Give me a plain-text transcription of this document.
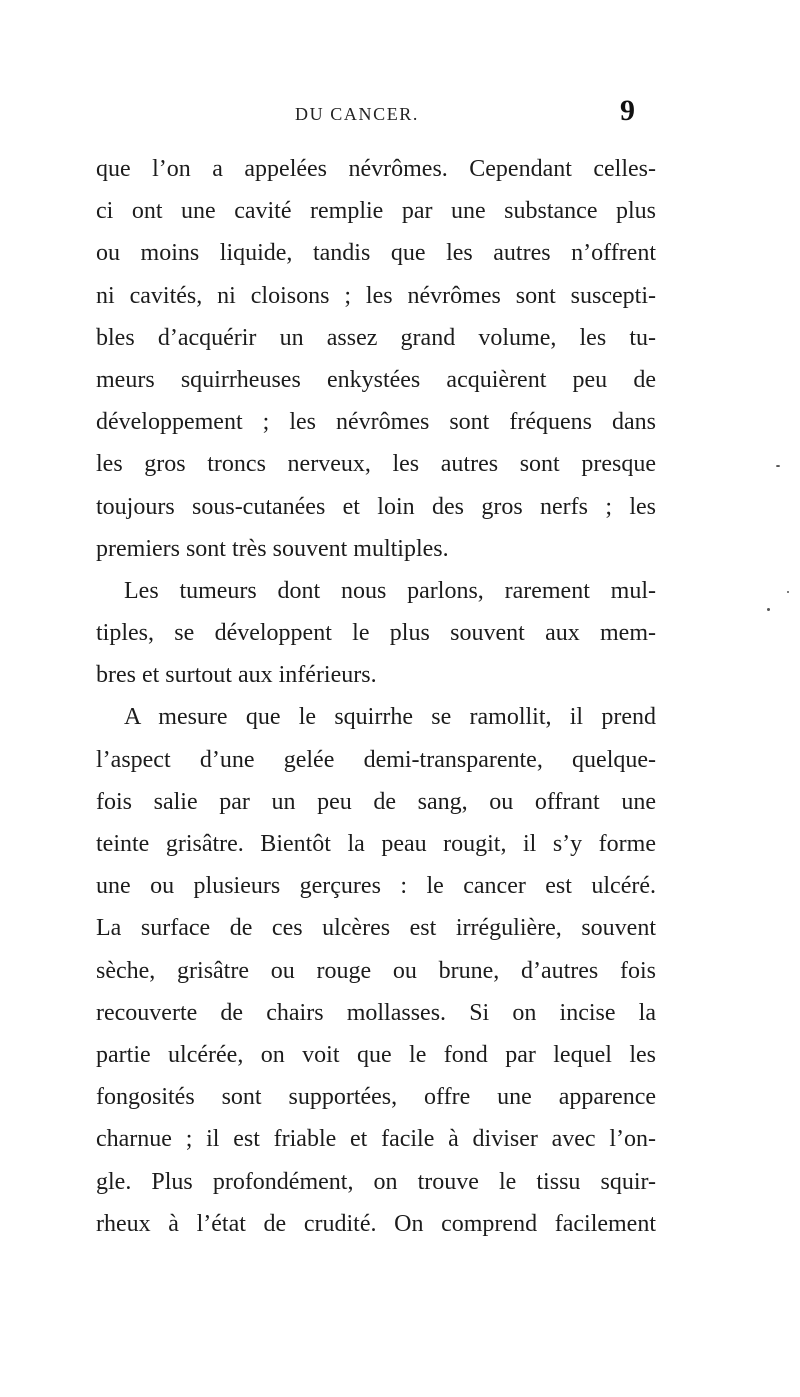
DU CANCER.	9
que l’on a appelées névrômes. Cependant celles-
ci ont une cavité remplie par une substance plus
ou moins liquide, tandis que les autres n’offrent
ni cavités, ni cloisons ; les névrômes sont suscepti-
bles d’acquérir un assez grand volume, les tu-
meurs squirrheuses enkystées acquièrent peu de
développement ; les névrômes sont fréquens dans
les gros troncs nerveux, les autres sont presque
toujours sous-cutanées et loin des gros nerfs ; les
premiers sont très souvent multiples.
Les tumeurs dont nous parlons, rarement mul-
tiples, se développent le plus souvent aux mem-
bres et surtout aux inférieurs.
A mesure que le squirrhe se ramollit, il prend
l’aspect d’une gelée demi-transparente, quelque-
fois salie par un peu de sang, ou offrant une
teinte grisâtre. Bientôt la peau rougit, il s’y forme
une ou plusieurs gerçures : le cancer est ulcéré.
La surface de ces ulcères est irrégulière, souvent
sèche, grisâtre ou rouge ou brune, d’autres fois
recouverte de chairs mollasses. Si on incise la
partie ulcérée, on voit que le fond par lequel les
fongosités sont supportées, offre une apparence
charnue ; il est friable et facile à diviser avec l’on-
gle. Plus profondément, on trouve le tissu squir-
rheux à l’état de crudité. On comprend facilement
